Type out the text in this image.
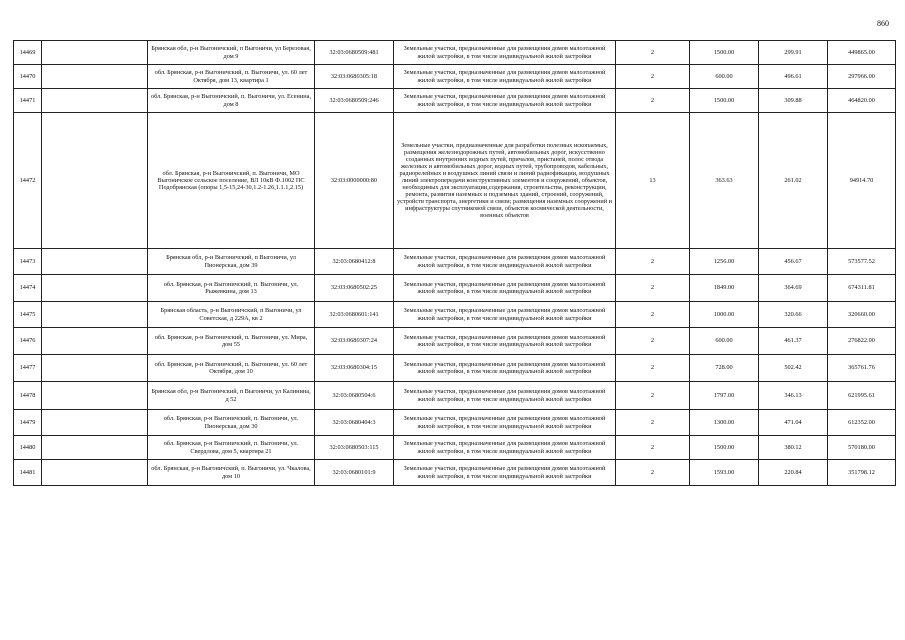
860
14469		Брянская обл, р-н Выгоничский, п Выгоничи, ул Березовая, дом 9	32:03:0680509:481	Земельные участки, предназначенные для размещения домов малоэтажной жилой застройки, в том числе индивидуальной жилой застройки	2	1500.00	299.91	449865.00
14470		обл. Брянская, р-н Выгоничский, п. Выгоничи, ул. 60 лет Октября, дом 13, квартира 1	32:03:0680305:18	Земельные участки, предназначенные для размещения домов малоэтажной жилой застройки, в том числе индивидуальной жилой застройки	2	600.00	496.61	297966.00
14471		обл. Брянская, р-н Выгоничский, п. Выгоничи, ул. Есенина, дом 8	32:03:0680509:246	Земельные участки, предназначенные для размещения домов малоэтажной жилой застройки, в том числе индивидуальной жилой застройки	2	1500.00	309.88	464820.00
14472		обл. Брянская, р-н Выгоничский, п. Выгоничи, МО Выгоничское сельское поселение, ВЛ 10кВ Ф.1002 ПС Подобрянская (опоры 1,5-15,24-30,1.2-1.26,1.1.1,2.15)	32:03:0000000:80	Земельные участки, предназначенные для разработки полезных ископаемых, размещения железнодорожных путей, автомобильных дорог, искусственно созданных внутренних водных путей, причалов, пристаней, полос отвода железных и автомобильных дорог, водных путей, трубопроводов, кабельных, радиорелейных и воздушных линий связи и линий радиофикации, воздушных линий электропередачи конструктивных элементов и сооружений, объектов, необходимых для эксплуатации,содержания, строительства, реконструкции, ремонта, развития наземных и подземных зданий, строений, сооружений, устройств транспорта, энергетики и связи; размещения наземных сооружений и инфраструктуры спутниковой связи, объектов космической деятельности, военных объектов	13	363.63	261.02	94914.70
14473		Брянская обл, р-н Выгоничский, п Выгоничи, ул Пионерская, дом 39	32:03:0680412:8	Земельные участки, предназначенные для размещения домов малоэтажной жилой застройки, в том числе индивидуальной жилой застройки	2	1256.00	456.67	573577.52
14474		обл. Брянская, р-н Выгоничский, п. Выгоничи, ул. Рыжевкина, дом 13	32:03:0680502:25	Земельные участки, предназначенные для размещения домов малоэтажной жилой застройки, в том числе индивидуальной жилой застройки	2	1849.00	364.69	674311.81
14475		Брянская область, р-н Выгоничский, п Выгоничи, ул Советская, д 229А, кв 2	32:03:0680601:141	Земельные участки, предназначенные для размещения домов малоэтажной жилой застройки, в том числе индивидуальной жилой застройки	2	1000.00	320.66	320660.00
14476		обл. Брянская, р-н Выгоничский, п. Выгоничи, ул. Мира, дом 55	32:03:0680307:24	Земельные участки, предназначенные для размещения домов малоэтажной жилой застройки, в том числе индивидуальной жилой застройки	2	600.00	461.37	276822.00
14477		обл. Брянская, р-н Выгоничский, п. Выгоничи, ул. 60 лет Октября, дом 10	32:03:0680304:15	Земельные участки, предназначенные для размещения домов малоэтажной жилой застройки, в том числе индивидуальной жилой застройки	2	728.00	502.42	365761.76
14478		Брянская обл, р-н Выгоничский, п Выгоничи, ул Калинина, д 52	32:03:0680504:6	Земельные участки, предназначенные для размещения домов малоэтажной жилой застройки, в том числе индивидуальной жилой застройки	2	1797.00	346.13	621995.61
14479		обл. Брянская, р-н Выгоничский, п. Выгоничи, ул. Пионерская, дом 30	32:03:0680404:3	Земельные участки, предназначенные для размещения домов малоэтажной жилой застройки, в том числе индивидуальной жилой застройки	2	1300.00	471.04	612352.00
14480		обл. Брянская, р-н Выгоничский, п. Выгоничи, ул. Свердлова, дом 5, квартира 21	32:03:0680503:115	Земельные участки, предназначенные для размещения домов малоэтажной жилой застройки, в том числе индивидуальной жилой застройки	2	1500.00	380.12	570180.00
14481		обл. Брянская, р-н Выгоничский, п. Выгоничи, ул. Чкалова, дом 10	32:03:0680101:9	Земельные участки, предназначенные для размещения домов малоэтажной жилой застройки, в том числе индивидуальной жилой застройки	2	1593.00	220.84	351798.12
